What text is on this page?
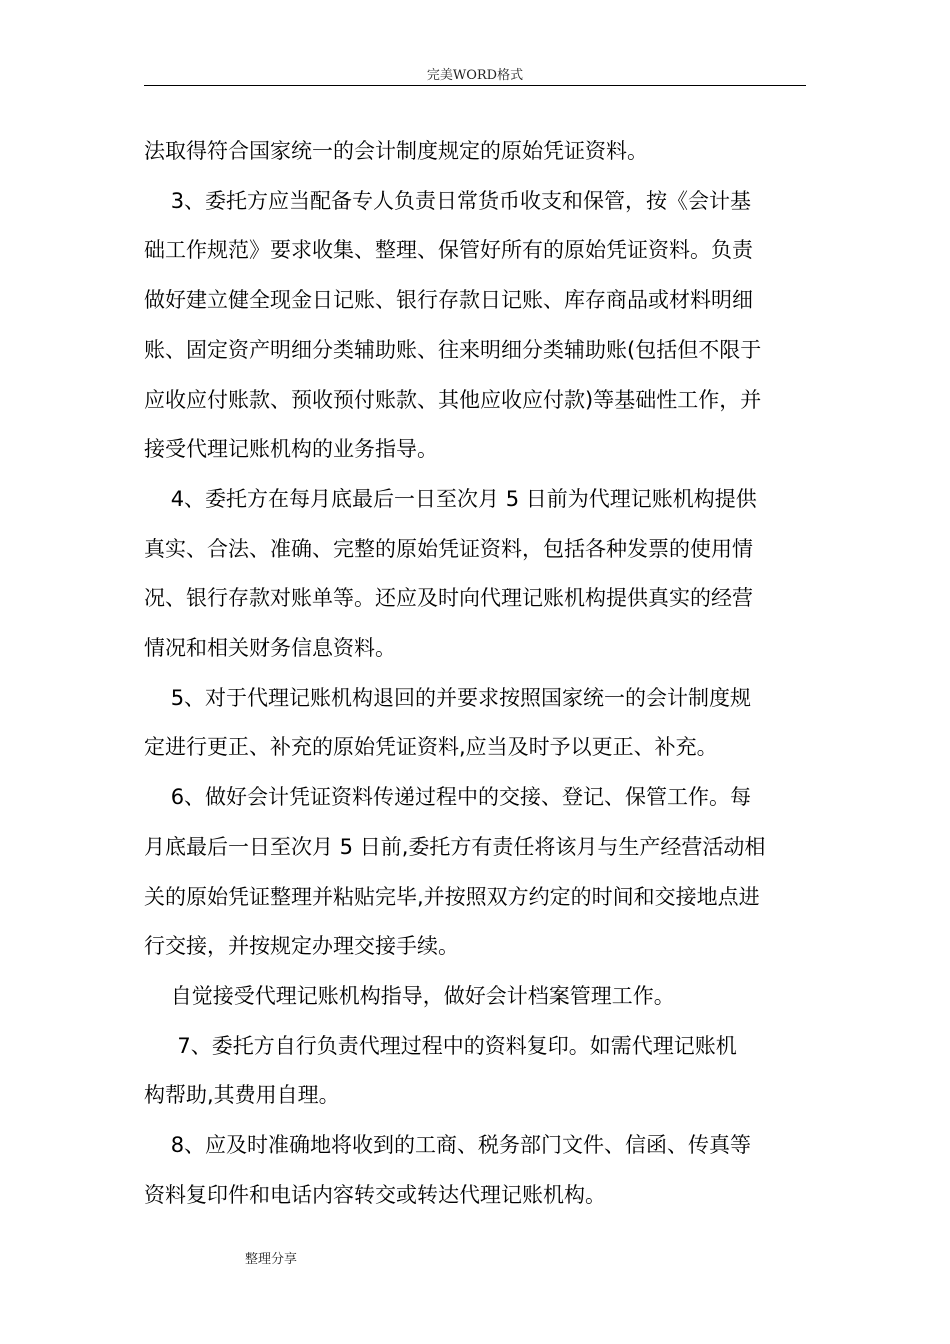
完美WORD格式

法取得符合国家统一的会计制度规定的原始凭证资料。

3、委托方应当配备专人负责日常货币收支和保管，按《会计基

础工作规范》要求收集、整理、保管好所有的原始凭证资料。负责

做好建立健全现金日记账、银行存款日记账、库存商品或材料明细

账、固定资产明细分类辅助账、往来明细分类辅助账(包括但不限于

应收应付账款、预收预付账款、其他应收应付款)等基础性工作，并

接受代理记账机构的业务指导。

4、委托方在每月底最后一日至次月 5 日前为代理记账机构提供

真实、合法、准确、完整的原始凭证资料，包括各种发票的使用情

况、银行存款对账单等。还应及时向代理记账机构提供真实的经营

情况和相关财务信息资料。

5、对于代理记账机构退回的并要求按照国家统一的会计制度规

定进行更正、补充的原始凭证资料,应当及时予以更正、补充。

6、做好会计凭证资料传递过程中的交接、登记、保管工作。每

月底最后一日至次月 5 日前,委托方有责任将该月与生产经营活动相

关的原始凭证整理并粘贴完毕,并按照双方约定的时间和交接地点进

行交接，并按规定办理交接手续。

自觉接受代理记账机构指导，做好会计档案管理工作。

7、委托方自行负责代理过程中的资料复印。如需代理记账机

构帮助,其费用自理。

8、应及时准确地将收到的工商、税务部门文件、信函、传真等

资料复印件和电话内容转交或转达代理记账机构。

整理分享
